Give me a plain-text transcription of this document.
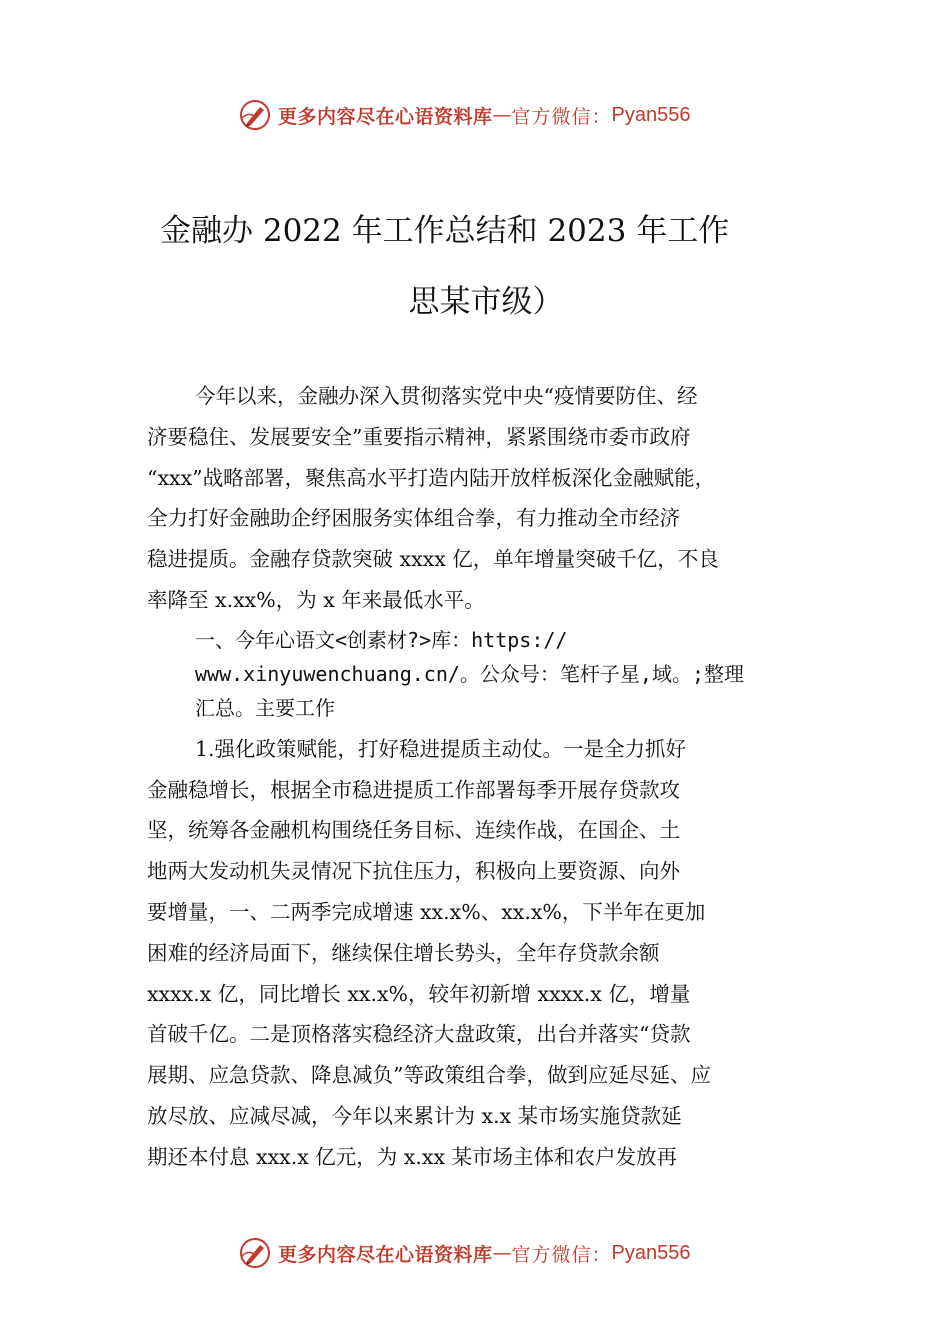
更多内容尽在心语资料库 — 官方微信： Pyan556
金融办 2022 年工作总结和 2023 年工作
思某市级）
今年以来，金融办深入贯彻落实党中央“疫情要防住、经
济要稳住、发展要安全”重要指示精神，紧紧围绕市委市政府
“xxx”战略部署，聚焦高水平打造内陆开放样板深化金融赋能，
全力打好金融助企纾困服务实体组合拳，有力推动全市经济
稳进提质。金融存贷款突破 xxxx 亿，单年增量突破千亿，不良
率降至 x.xx%，为 x 年来最低水平。
一、今年心语文<创素材?>库：https://
www.xinyuwenchuang.cn/。公众号：笔杆子星,域。;整理
汇总。主要工作
1.强化政策赋能，打好稳进提质主动仗。一是全力抓好
金融稳增长，根据全市稳进提质工作部署每季开展存贷款攻
坚，统筹各金融机构围绕任务目标、连续作战，在国企、土
地两大发动机失灵情况下抗住压力，积极向上要资源、向外
要增量，一、二两季完成增速 xx.x%、xx.x%，下半年在更加
困难的经济局面下，继续保住增长势头，全年存贷款余额
xxxx.x 亿，同比增长 xx.x%，较年初新增 xxxx.x 亿，增量
首破千亿。二是顶格落实稳经济大盘政策，出台并落实“贷款
展期、应急贷款、降息减负”等政策组合拳，做到应延尽延、应
放尽放、应减尽减，今年以来累计为 x.x 某市场实施贷款延
期还本付息 xxx.x 亿元，为 x.xx 某市场主体和农户发放再
更多内容尽在心语资料库 — 官方微信： Pyan556
